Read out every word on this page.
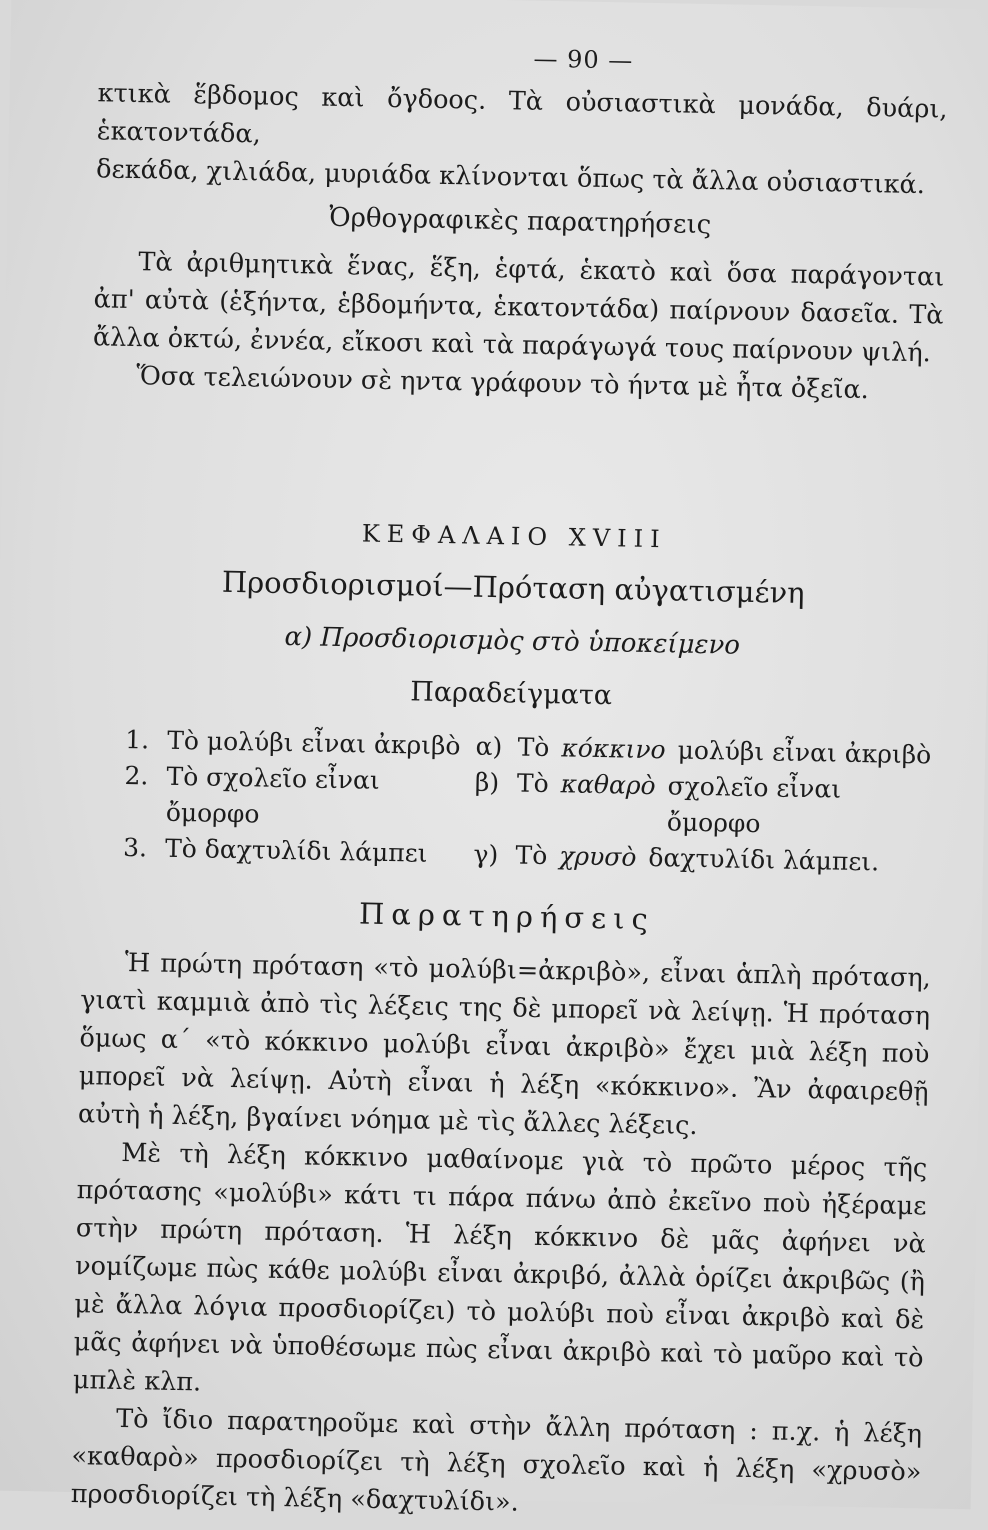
— 90 —

κτικὰ ἕβδομος καὶ ὄγδοος. Τὰ οὐσιαστικὰ μονάδα, δυάρι, ἑκατοντάδα,

δεκάδα, χιλιάδα, μυριάδα κλίνονται ὅπως τὰ ἄλλα οὐσιαστικά.

Ὀρθογραφικὲς παρατηρήσεις

Τὰ ἀριθμητικὰ ἕνας, ἕξη, ἑφτά, ἑκατὸ καὶ ὅσα παράγονται ἀπ' αὐτὰ (ἑξήντα, ἑβδομήντα, ἑκατοντάδα) παίρνουν δασεῖα. Τὰ ἄλλα ὀκτώ, ἐννέα, εἴκοσι καὶ τὰ παράγωγά τους παίρνουν ψιλή.

Ὅσα τελειώνουν σὲ ηντα γράφουν τὸ ήντα μὲ ἦτα ὀξεῖα.

ΚΕΦΑΛΑΙΟ XVIII
Προσδιορισμοί—Πρόταση αὐγατισμένη
α) Προσδιορισμὸς στὸ ὑποκείμενο
Παραδείγματα
1. Τὸ μολύβι εἶναι ἀκριβὸ
2. Τὸ σχολεῖο εἶναι ὄμορφο
3. Τὸ δαχτυλίδι λάμπει
α) Τὸ κόκκινο μολύβι εἶναι ἀκριβὸ
β) Τὸ καθαρὸ σχολεῖο εἶναι ὄμορφο
γ) Τὸ χρυσὸ δαχτυλίδι λάμπει.
Παρατηρήσεις

Ἡ πρώτη πρόταση «τὸ μολύβι=ἀκριβὸ», εἶναι ἁπλὴ πρόταση, γιατὶ καμμιὰ ἀπὸ τὶς λέξεις της δὲ μπορεῖ νὰ λείψῃ. Ἡ πρόταση ὅμως α΄ «τὸ κόκκινο μολύβι εἶναι ἀκριβὸ» ἔχει μιὰ λέξη ποὺ μπορεῖ νὰ λείψῃ. Αὐτὴ εἶναι ἡ λέξη «κόκκινο». Ἂν ἀφαιρεθῇ αὐτὴ ἡ λέξη, βγαίνει νόημα μὲ τὶς ἄλλες λέξεις.

Μὲ τὴ λέξη κόκκινο μαθαίνομε γιὰ τὸ πρῶτο μέρος τῆς πρότασης «μολύβι» κάτι τι πάρα πάνω ἀπὸ ἐκεῖνο ποὺ ἠξέραμε στὴν πρώτη πρόταση. Ἡ λέξη κόκκινο δὲ μᾶς ἀφήνει νὰ νομίζωμε πὼς κάθε μολύβι εἶναι ἀκριβό, ἀλλὰ ὁρίζει ἀκριβῶς (ἢ μὲ ἄλλα λόγια προσδιορίζει) τὸ μολύβι ποὺ εἶναι ἀκριβὸ καὶ δὲ μᾶς ἀφήνει νὰ ὑποθέσωμε πὼς εἶναι ἀκριβὸ καὶ τὸ μαῦρο καὶ τὸ μπλὲ κλπ.

Τὸ ἴδιο παρατηροῦμε καὶ στὴν ἄλλη πρόταση : π.χ. ἡ λέξη «καθαρὸ» προσδιορίζει τὴ λέξη σχολεῖο καὶ ἡ λέξη «χρυσὸ» προσδιορίζει τὴ λέξη «δαχτυλίδι».
